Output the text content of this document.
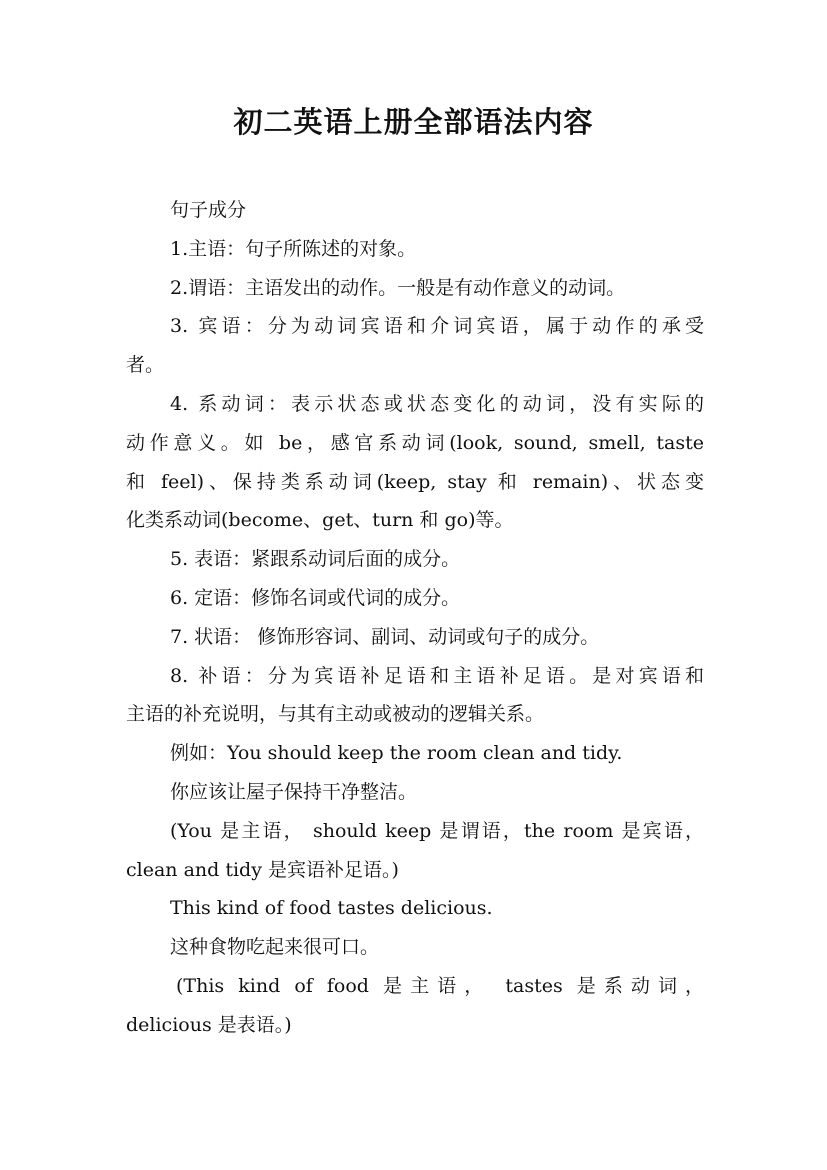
初二英语上册全部语法内容

句子成分

1.主语：句子所陈述的对象。

2.谓语：主语发出的动作。一般是有动作意义的动词。

3. 宾语：分为动词宾语和介词宾语，属于动作的承受

者。

4. 系动词：表示状态或状态变化的动词，没有实际的

动作意义。如 be，感官系动词(look, sound, smell, taste

和 feel)、保持类系动词(keep, stay 和 remain)、状态变

化类系动词(become、get、turn 和 go)等。

5. 表语：紧跟系动词后面的成分。

6. 定语：修饰名词或代词的成分。

7. 状语： 修饰形容词、副词、动词或句子的成分。

8. 补语：分为宾语补足语和主语补足语。是对宾语和

主语的补充说明，与其有主动或被动的逻辑关系。

例如：You should keep the room clean and tidy.

你应该让屋子保持干净整洁。

(You 是主语， should keep 是谓语，the room 是宾语，

clean and tidy 是宾语补足语。)

This kind of food tastes delicious.

这种食物吃起来很可口。

(This kind of food 是主语， tastes 是系动词，

delicious 是表语。)
